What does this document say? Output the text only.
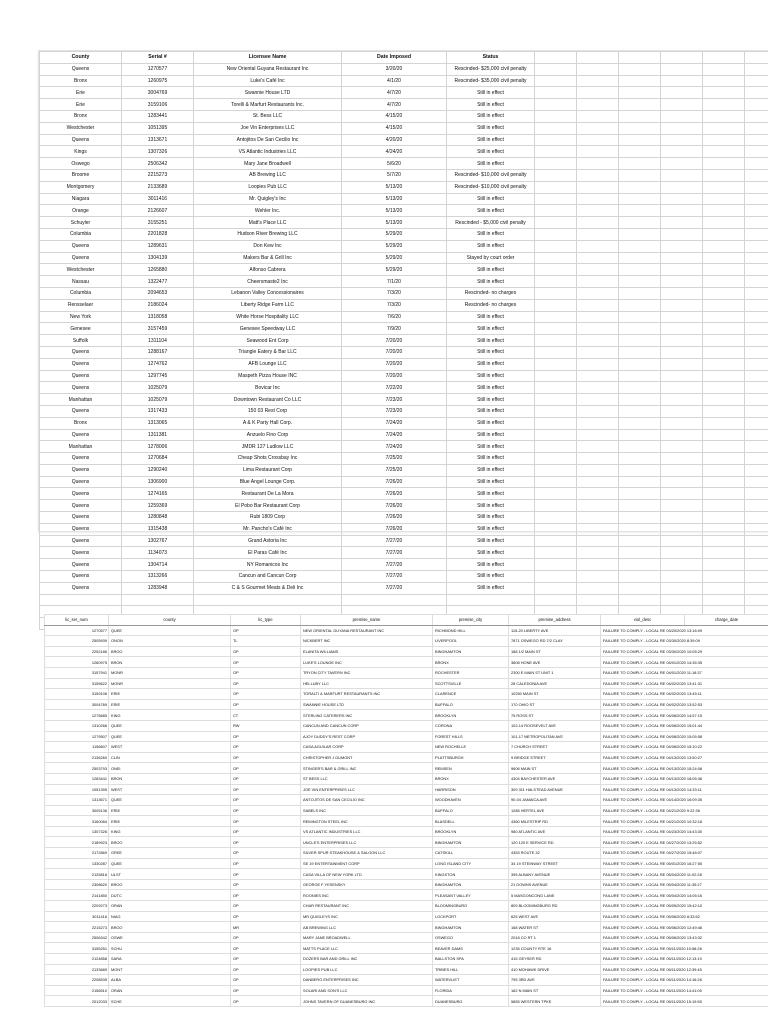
County	Serial #	Licensee Name	Date Imposed	Status						
Queens	1270577	New Oriental Guyana Restaurant Inc	3/20/20	Rescinded- $25,000 civil penalty						
Bronx	1260975	Luke's Café Inc	4/1/20	Rescinded- $35,000 civil penalty						
Erie	3004769	Swannie House LTD	4/7/20	Still in effect						
Erie	3159106	Torelli & Marfurt Restaurants Inc.	4/7/20	Still in effect						
Bronx	1283441	St. Bess LLC	4/15/20	Still in effect						
Westchester	1051395	Joe Vin Enterprises LLC	4/15/20	Still in effect						
Queens	1313671	Antojitos De San Cecilio Inc	4/20/20	Still in effect						
Kings	1307326	VS Atlantic Industries LLC	4/24/20	Still in effect						
Oswego	2506342	Mary Jane Broadwell	5/6/20	Still in effect						
Broome	2215273	AB Brewing LLC	5/7/20	Rescinded- $10,000 civil penalty						
Montgomery	2133689	Loopies Pub LLC	5/13/20	Rescinded- $10,000 civil penalty						
Niagara	3011416	Mr. Quigley's Inc	5/13/20	Still in effect						
Orange	2126607	Wehler Inc.	5/13/20	Still in effect						
Schuyler	3155251	Matt's Place LLC	5/13/20	Rescinded - $5,000 civil penalty						
Columbia	2201828	Hudson River Brewing LLC	5/29/20	Still in effect						
Queens	1289631	Don Kew Inc	5/29/20	Still in effect						
Queens	1304139	Makers Bar & Grill Inc	5/29/20	Stayed by court order						
Westchester	1265880	Alfonso Cabrera	5/29/20	Still in effect						
Nassau	1322477	Cheersmaste2 Inc	7/1/20	Still in effect						
Columbia	2094653	Lebanon Valley Concessionaires	7/3/20	Rescinded- no charges						
Rensselaer	2186024	Liberty Ridge Farm LLC	7/3/20	Rescinded- no charges						
New York	1318058	White Horse Hospitality LLC	7/6/20	Still in effect						
Genesee	3157459	Genesee Speedway LLC	7/9/20	Still in effect						
Suffolk	1311104	Seawood Ent Corp	7/20/20	Still in effect						
Queens	1288167	Triangle Eatery & Bar LLC	7/20/20	Still in effect						
Queens	1274762	AFB Lounge LLC	7/20/20	Still in effect						
Queens	1297745	Maspeth Pizza House INC	7/20/20	Still in effect						
Queens	1025079	Bovicar Inc	7/22/20	Still in effect						
Manhattan	1025079	Downtown Restaurant Co LLC	7/23/20	Still in effect						
Queens	1317433	150 03 Rest Corp	7/23/20	Still in effect						
Bronx	1313065	A & K Party Hall Corp.	7/24/20	Still in effect						
Queens	1311381	Anzuelo Fino Corp	7/24/20	Still in effect						
Manhattan	1278006	JMDR 127 Ludlow LLC	7/24/20	Still in effect						
Queens	1270684	Cheap Shots Crossbay Inc	7/25/20	Still in effect						
Queens	1290240	Lima Restaurant Corp	7/25/20	Still in effect						
Queens	1306900	Blue Angel Lounge Corp.	7/26/20	Still in effect						
Queens	1274165	Restaurant De La Mora	7/26/20	Still in effect						
Queens	1259369	El Pobo Bar Restaurant Corp	7/26/20	Still in effect						
Queens	1280848	Rubi 1809 Corp	7/26/20	Still in effect						
Queens	1315438	Mr. Pancho's Café Inc	7/26/20	Still in effect						
Queens	1302767	Grand Astoria Inc	7/27/20	Still in effect						
Queens	1134073	El Paras Café Inc	7/27/20	Still in effect						
Queens	1304714	NY Romanicos Inc	7/27/20	Still in effect						
Queens	1313266	Cancun and Cancun Corp	7/27/20	Still in effect						
Queens	1283948	C & S Gourmet Meats & Deli Inc	7/27/20	Still in effect						

lic_ser_num	county	lic_type	premise_name	premise_city	premise_address	viol_desc	charge_date
1270577	QUEE	OP	NEW ORIENTAL GUYANA RESTAURANT INC	RICHMOND HILL	115-20 LIBERTY AVE	FAILURE TO COMPLY - LOCAL RE 03/20/2020 13:16:09	
2505939	ONON	TL	NICKBERT INC	LIVERPOOL	7871 OSWEGO RD 7/2 CLAY	FAILURE TO COMPLY - LOCAL RE 03/30/2020 8:39:09	
2252186	BROO	OP	ELANITA WILLIAMS	BINGHAMTON	188 1/2 MAIN ST	FAILURE TO COMPLY - LOCAL RE 03/30/2020 10:05:29	
1260975	BRON	OP	LUKE'S LOUNGE INC	BRONX	3808 HONE AVE	FAILURE TO COMPLY - LOCAL RE 04/01/2020 14:35:35	
3157941	MONR	OP	TRYON CITY TAVERN INC	ROCHESTER	2300 E MAIN ST UNIT 1	FAILURE TO COMPLY - LOCAL RE 04/01/2020 11:18:37	
3155622	MONR	OP	HELLUBY LLC	SCOTTSVILLE	28 CALEDONIA AVE	FAILURE TO COMPLY - LOCAL RE 04/02/2020 13:41:31	
3159106	ERIE	OP	TORALTI & MARFURT RESTAURANTS INC	CLARENCE	10250 MAIN ST	FAILURE TO COMPLY - LOCAL RE 04/02/2020 13:45:11	
3004769	ERIE	OP	SWANNIE HOUSE LTD	BUFFALO	170 OHIO ST	FAILURE TO COMPLY - LOCAL RE 04/02/2020 13:52:53	
1275685	KING	CT	STERLING CATERERS INC	BROOKLYN	75 ROSS ST	FAILURE TO COMPLY - LOCAL RE 04/08/2020 14:57:15	
1310266	QUEE	RW	CANCUN AND CANCUN CORP	CORONA	102-14 ROOSEVELT AVE	FAILURE TO COMPLY - LOCAL RE 04/08/2020 15:01:44	
1279507	QUEE	OP	AJOY DUDDY'S REST CORP	FOREST HILLS	101-17 METROPOLITAN AVE	FAILURE TO COMPLY - LOCAL RE 04/08/2020 15:05:58	
1156607	WEST	OP	CASA AGUILAR CORP	NEW ROCHELLE	7 CHURCH STREET	FAILURE TO COMPLY - LOCAL RE 04/08/2020 15:10:22	
2136260	CLIN	OP	CHRISTOPHER J DUMONT	PLATTSBURGH	9 BRIDGE STREET	FAILURE TO COMPLY - LOCAL RE 04/13/2020 13:50:27	
2503793	ONEI	OP	STINGER'S BAR & GRILL INC	REMSEN	9606 MAIN ST	FAILURE TO COMPLY - LOCAL RE 04/13/2020 15:24:08	
1283441	BRON	OP	ST BESS LLC	BRONX	4304 BAYCHESTER AVE	FAILURE TO COMPLY - LOCAL RE 04/13/2020 18:05:36	
1051395	WEST	OP	JOE VIN ENTERPRISES LLC	HARRISON	309 311 HALSTEAD AVENUE	FAILURE TO COMPLY - LOCAL RE 04/13/2020 14:33:11	
1313671	QUEE	OP	ANTOJITOS DE SAN CECILIO INC	WOODHAVEN	90-04 JAMAICA AVE	FAILURE TO COMPLY - LOCAL RE 04/14/2020 16:09:35	
3005136	ERIE	OP	SABELS INC	BUFFALO	1285 HERTEL AVE	FAILURE TO COMPLY - LOCAL RE 04/21/2020 9:22:36	
3160084	ERIE	OP	REMINGTON STEEL INC	BLASDELL	4360 MILESTRIP RD	FAILURE TO COMPLY - LOCAL RE 04/21/2020 10:32:18	
1307326	KING	OP	VS ATLANTIC INDUSTRIES LLC	BROOKLYN	980 ATLANTIC AVE	FAILURE TO COMPLY - LOCAL RE 04/23/2020 14:43:30	
2189923	BROO	OP	UNCLE'S ENTERPRISES LLC	BINGHAMTON	120 120 E SERVICE RD	FAILURE TO COMPLY - LOCAL RE 04/27/2020 13:25:52	
2172869	GREE	OP	SILVER SPUR STEAKHOUSE & SALOON LLC	CATSKILL	4353 ROUTE 32	FAILURE TO COMPLY - LOCAL RE 04/27/2020 15:48:07	
1330287	QUEE	OP	SE 19 ENTERTAINMENT CORP	LONG ISLAND CITY	34 19 STEINWAY STREET	FAILURE TO COMPLY - LOCAL RE 05/01/2020 16:27:55	
2125818	ULST	OP	CASA VILLA OF NEW YORK LTD	KINGSTON	395 ALBANY AVENUE	FAILURE TO COMPLY - LOCAL RE 05/04/2020 11:02:28	
2308620	BROO	OP	GEORGE F YESENSKY	BINGHAMTON	21 DOWNS AVENUE	FAILURE TO COMPLY - LOCAL RE 05/04/2020 11:35:27	
2141850	DUTC	OP	ROONIES INC	PLEASANT VALLEY	5 MASGONCONG LANE	FAILURE TO COMPLY - LOCAL RE 05/04/2020 14:05:16	
2209273	ORAN	OP	CHAR RESTAURANT INC	BLOOMINGBURG	809 BLOOMINGBURG RD	FAILURE TO COMPLY - LOCAL RE 05/05/2020 15:42:10	
3011416	NIAG	OP	MR QUIGLEYS INC	LOCKPORT	625 WEST AVE	FAILURE TO COMPLY - LOCAL RE 05/06/2020 8:33:52	
2215273	BROO	MR	AB BREWING LLC	BINGHAMTON	168 WATER ST	FAILURE TO COMPLY - LOCAL RE 05/06/2020 12:49:46	
2506342	OSWE	OP	MARY JANE BROADWELL	OSWEGO	2018 CO RT 1	FAILURE TO COMPLY - LOCAL RE 05/06/2020 13:43:32	
3155251	SCHU	OP	MATTS PLACE LLC	BEAVER DAMS	1235 COUNTY RTE 16	FAILURE TO COMPLY - LOCAL RE 05/11/2020 10:58:28	
2124858	SARA	OP	DOZERS BAR AND GRILL INC	BALLSTON SPA	415 GEYSER RD	FAILURE TO COMPLY - LOCAL RE 05/11/2020 12:13:19	
2133689	MONT	OP	LOOPIES PUB LLC	TRIBES HILL	410 MOHAWK DRIVE	FAILURE TO COMPLY - LOCAL RE 05/11/2020 12:39:45	
2208535	ALBA	OP	DANBERG ENTERPRISES INC	WATERVLIET	795 3RD AVE	FAILURE TO COMPLY - LOCAL RE 05/11/2020 14:16:28	
2156510	ORAN	OP	SOLARI AND SON'S LLC	FLORIDA	162 N MAIN ST	FAILURE TO COMPLY - LOCAL RE 05/11/2020 14:41:05	
2012033	SCHE	OP	JOHNS TAVERN OF DUANESBURG INC	DUANESBURG	5855 WESTERN TPKE	FAILURE TO COMPLY - LOCAL RE 05/11/2020 15:19:55	
